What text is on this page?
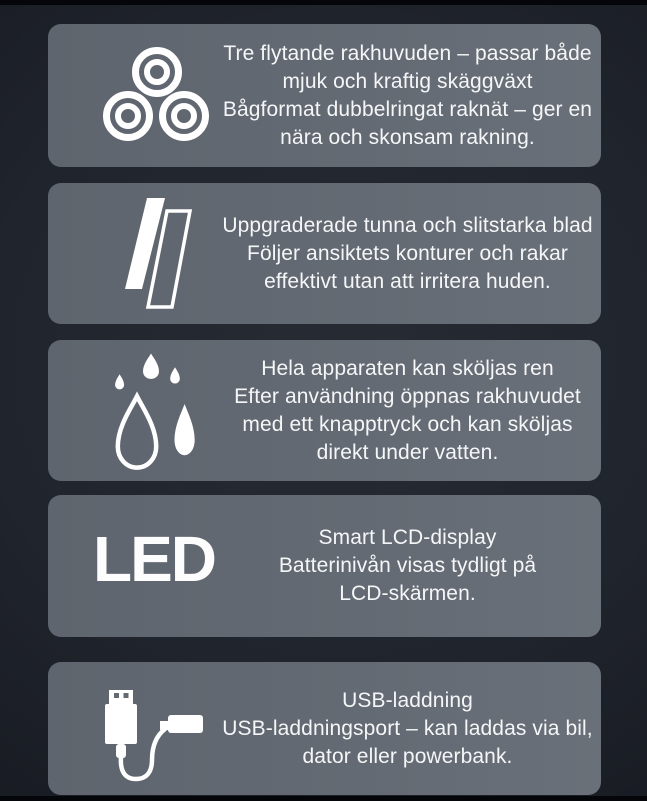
Tre flytande rakhuvuden – passar både
mjuk och kraftig skäggväxt
Bågformat dubbelringat raknät – ger en
nära och skonsam rakning.
Uppgraderade tunna och slitstarka blad
Följer ansiktets konturer och rakar
effektivt utan att irritera huden.
Hela apparaten kan sköljas ren
Efter användning öppnas rakhuvudet
med ett knapptryck och kan sköljas
direkt under vatten.
LED	Smart LCD-display
Batterinivån visas tydligt på
LCD-skärmen.
USB-laddning
USB-laddningsport – kan laddas via bil,
dator eller powerbank.
